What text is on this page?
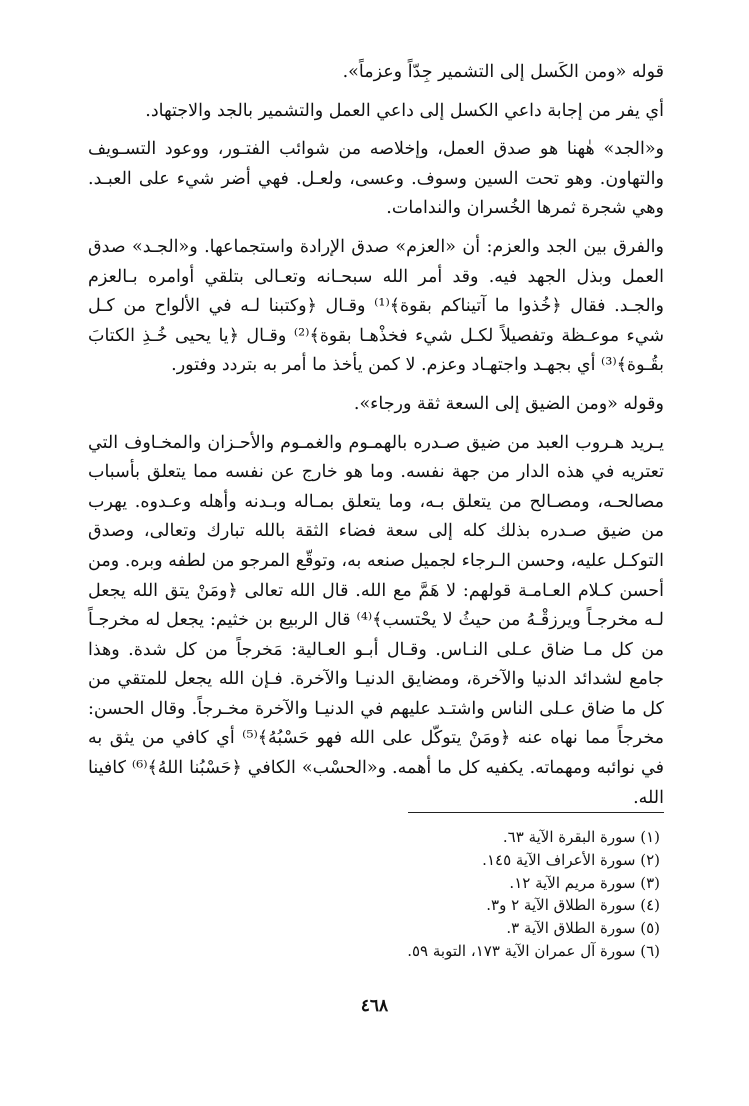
قوله «ومن الكَسل إلى التشمير جِدّاً وعزماً».

أي يفر من إجابة داعي الكسل إلى داعي العمل والتشمير بالجد والاجتهاد.

و«الجد» هٰهنا هو صدق العمل، وإخلاصه من شوائب الفتـور، ووعود التسـويف والتهاون. وهو تحت السين وسوف. وعسى، ولعـل. فهي أضر شيء على العبـد. وهي شجرة ثمرها الخُسران والندامات.

والفرق بين الجد والعزم: أن «العزم» صدق الإرادة واستجماعها. و«الجـد» صدق العمل وبذل الجهد فيه. وقد أمر الله سبحـانه وتعـالى بتلقي أوامره بـالعزم والجـد. فقال ﴿خُذوا ما آتيناكم بقوة﴾⁽¹⁾ وقـال ﴿وكتبنا لـه في الألواح من كـل شيء موعـظة وتفصيلاً لكـل شيء فخذْهـا بقوة﴾⁽²⁾ وقـال ﴿يا يحيى خُـذِ الكتابَ بقُـوة﴾⁽³⁾ أي بجهـد واجتهـاد وعزم. لا كمن يأخذ ما أمر به بتردد وفتور.

وقوله «ومن الضيق إلى السعة ثقة ورجاء».

يـريد هـروب العبد من ضيق صـدره بالهمـوم والغمـوم والأحـزان والمخـاوف التي تعتريه في هذه الدار من جهة نفسه. وما هو خارج عن نفسه مما يتعلق بأسباب مصالحـه، ومصـالح من يتعلق بـه، وما يتعلق بمـاله وبـدنه وأهله وعـدوه. يهرب من ضيق صـدره بذلك كله إلى سعة فضاء الثقة بالله تبارك وتعالى، وصدق التوكـل عليه، وحسن الـرجاء لجميل صنعه به، وتوقّع المرجو من لطفه وبره. ومن أحسن كـلام العـامـة قولهم: لا هَمَّ مع الله. قال الله تعالى ﴿ومَنْ يتق الله يجعل لـه مخرجـاً ويرزقْـهُ من حيثُ لا يحْتسب﴾⁽⁴⁾ قال الربيع بن خثيم: يجعل له مخرجـاً من كل مـا ضاق عـلى النـاس. وقـال أبـو العـالية: مَخرجاً من كل شدة. وهذا جامع لشدائد الدنيا والآخرة، ومضايق الدنيـا والآخرة. فـإن الله يجعل للمتقي من كل ما ضاق عـلى الناس واشتـد عليهم في الدنيـا والآخرة مخـرجاً. وقال الحسن: مخرجاً مما نهاه عنه ﴿ومَنْ يتوكّل على الله فهو حَسْبُهُ﴾⁽⁵⁾ أي كافي من يثق به في نوائبه ومهماته. يكفيه كل ما أهمه. و«الحسْب» الكافي ﴿حَسْبُنا اللهُ﴾⁽⁶⁾ كافينا الله.

(١) سورة البقرة الآية ٦٣.

(٢) سورة الأعراف الآية ١٤٥.

(٣) سورة مريم الآية ١٢.

(٤) سورة الطلاق الآية ٢ و٣.

(٥) سورة الطلاق الآية ٣.

(٦) سورة آل عمران الآية ١٧٣، التوبة ٥٩.

٤٦٨
